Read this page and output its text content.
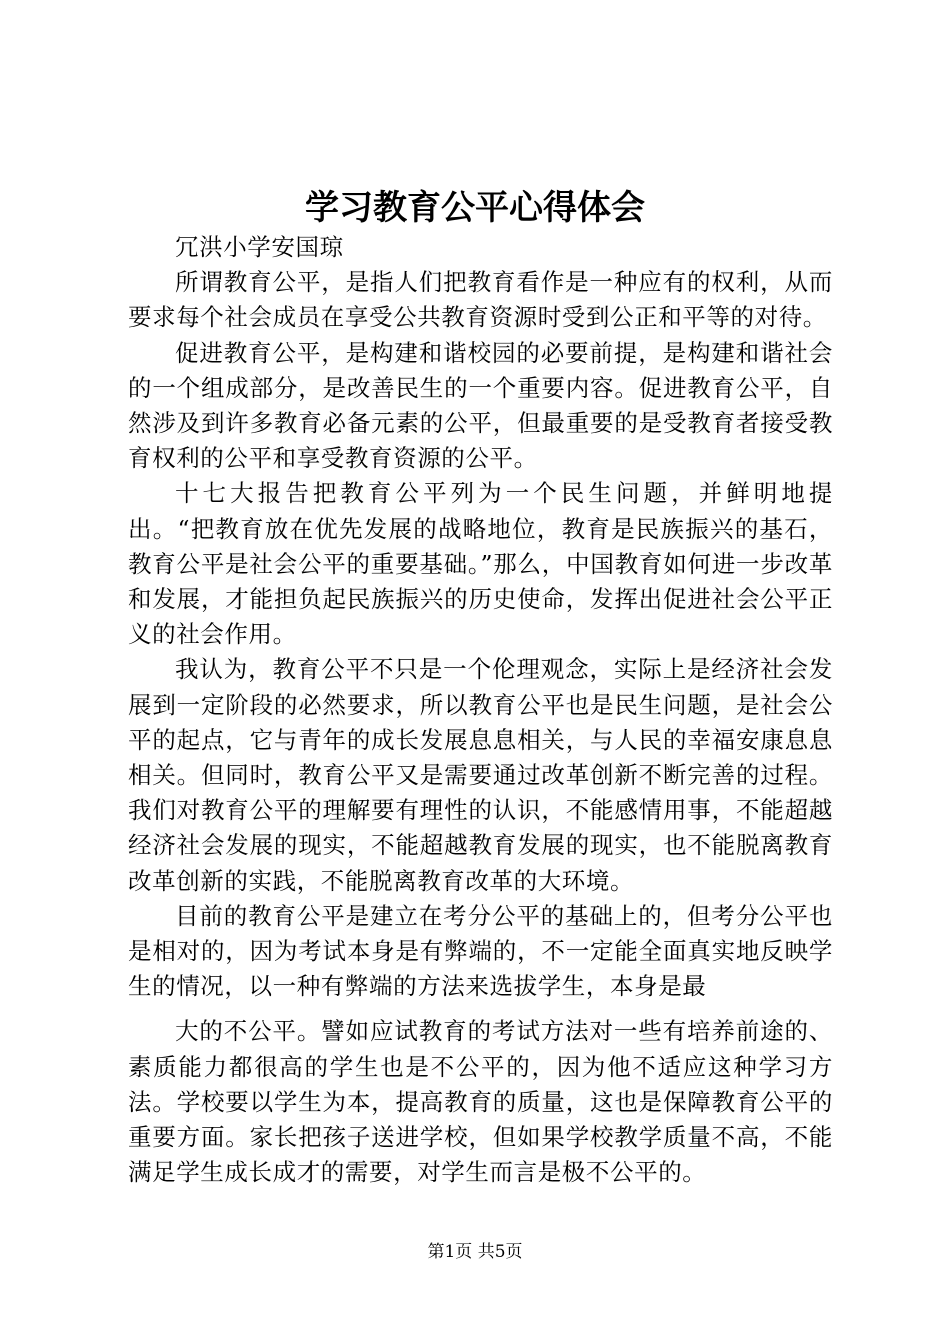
学习教育公平心得体会

冗洪小学安国琼

所谓教育公平，是指人们把教育看作是一种应有的权利，从而要求每个社会成员在享受公共教育资源时受到公正和平等的对待。

促进教育公平，是构建和谐校园的必要前提，是构建和谐社会的一个组成部分，是改善民生的一个重要内容。促进教育公平，自然涉及到许多教育必备元素的公平，但最重要的是受教育者接受教育权利的公平和享受教育资源的公平。

十七大报告把教育公平列为一个民生问题，并鲜明地提出。“把教育放在优先发展的战略地位，教育是民族振兴的基石，教育公平是社会公平的重要基础。”那么，中国教育如何进一步改革和发展，才能担负起民族振兴的历史使命，发挥出促进社会公平正义的社会作用。

我认为，教育公平不只是一个伦理观念，实际上是经济社会发展到一定阶段的必然要求，所以教育公平也是民生问题，是社会公平的起点，它与青年的成长发展息息相关，与人民的幸福安康息息相关。但同时，教育公平又是需要通过改革创新不断完善的过程。我们对教育公平的理解要有理性的认识，不能感情用事，不能超越经济社会发展的现实，不能超越教育发展的现实，也不能脱离教育改革创新的实践，不能脱离教育改革的大环境。

目前的教育公平是建立在考分公平的基础上的，但考分公平也是相对的，因为考试本身是有弊端的，不一定能全面真实地反映学生的情况，以一种有弊端的方法来选拔学生，本身是最

大的不公平。譬如应试教育的考试方法对一些有培养前途的、素质能力都很高的学生也是不公平的，因为他不适应这种学习方法。学校要以学生为本，提高教育的质量，这也是保障教育公平的重要方面。家长把孩子送进学校，但如果学校教学质量不高，不能满足学生成长成才的需要，对学生而言是极不公平的。

第1页 共5页
